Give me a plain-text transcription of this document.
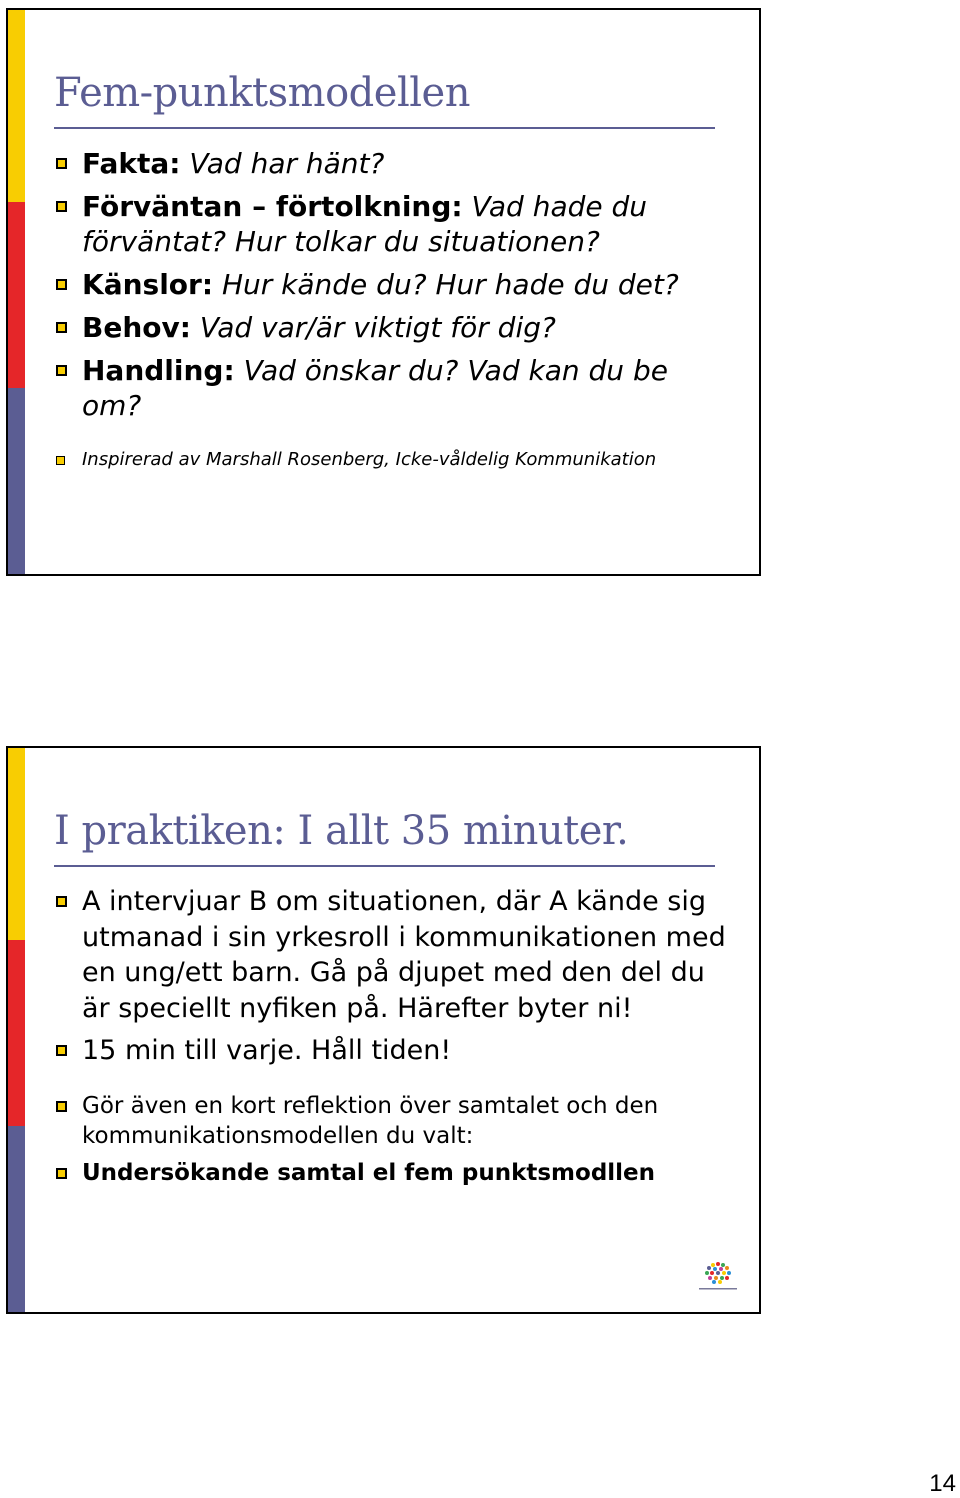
Fem-punktsmodellen
Fakta: Vad har hänt?
Förväntan – förtolkning: Vad hade du förväntat? Hur tolkar du situationen?
Känslor: Hur kände du? Hur hade du det?
Behov: Vad var/är viktigt för dig?
Handling: Vad önskar du? Vad kan du be om?
Inspirerad av Marshall Rosenberg, Icke-våldelig Kommunikation
I praktiken: I allt 35 minuter.
A intervjuar B om situationen, där A kände sig utmanad i sin yrkesroll i kommunikationen med en ung/ett barn. Gå på djupet med den del du är speciellt nyfiken på. Härefter byter ni!
15 min till varje. Håll tiden!
Gör även en kort reflektion över samtalet och den kommunikationsmodellen du valt:
Undersökande samtal el fem punktsmodllen
14
